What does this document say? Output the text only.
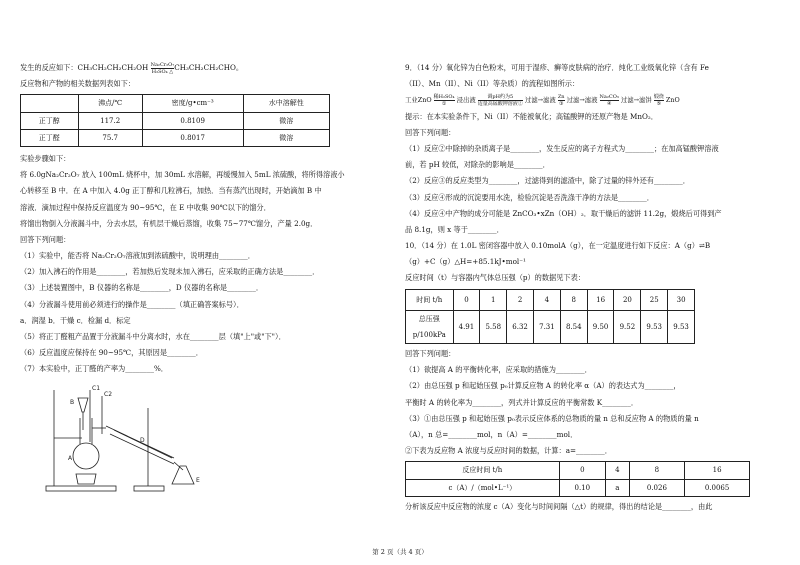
发生的反应如下：$CH_3CH_2CH_2CH_2OH \frac{\text{Na₂Cr₂O₇}}{\text{H₂SO₄ △}}CH_3CH_2CH_2CHO$。
反应物和产物的相关数据列表如下：
	沸点/℃	密度/g•cm⁻³	水中溶解性
正丁醇	117.2	0.8109	微溶
正丁醛	75.7	0.8017	微溶
实验步骤如下：
将 6.0gNa₂Cr₂O₇ 放入 100mL 烧杯中，加 30mL 水溶解，再缓慢加入 5mL 浓硫酸，将所得溶液小
心转移至 B 中．在 A 中加入 4.0g 正丁醇和几粒沸石，加热．当有蒸汽出现时，开始滴加 B 中
溶液．滴加过程中保持反应温度为 90~95℃，在 E 中收集 90℃以下的馏分．
将馏出物倒入分液漏斗中，分去水层，有机层干燥后蒸馏，收集 75~77℃馏分，产量 2.0g．
回答下列问题：
（1）实验中，能否将 Na₂Cr₂O₇溶液加到浓硫酸中，说明理由________．
（2）加入沸石的作用是________，若加热后发现未加入沸石，应采取的正确方法是________．
（3）上述装置图中，B 仪器的名称是________，D 仪器的名称是________．
（4）分液漏斗使用前必须进行的操作是________（填正确答案标号）．
a．润湿 b．干燥 c．检漏 d．标定
（5）将正丁醛粗产品置于分液漏斗中分离水时，水在________层（填"上"或"下"）．
（6）反应温度应保持在 90~95℃，其原因是________．
（7）本实验中，正丁醛的产率为________%．
C1
C2
B
D
A
E
9．（14 分）氧化锌为白色粉末，可用于湿疹、癣等皮肤病的治疗．纯化工业级氧化锌（含有 Fe
（II）、Mn（II）、Ni（II）等杂质）的流程如图所示：
工业ZnO 稀H₂SO₄
① 浸出液	调pH约为5
适量高锰酸钾溶液② 过滤→滤液 Zn
③ 过滤→滤液 Na₂CO₃
④ 过滤→滤饼 煅烧
⑤ ZnO
提示：在本实验条件下，Ni（II）不能被氧化；高锰酸钾的还原产物是 MnO₂．
回答下列问题：
（1）反应②中除掉的杂质离子是________，发生反应的离子方程式为________；在加高锰酸钾溶液
前，若 pH 较低，对除杂的影响是________．
（2）反应③的反应类型为________，过滤得到的滤渣中，除了过量的锌外还有________．
（3）反应④形成的沉淀要用水洗，检验沉淀是否洗涤干净的方法是________．
（4）反应④中产物的成分可能是 ZnCO₃•xZn（OH）₂．取干燥后的滤饼 11.2g，煅烧后可得到产
品 8.1g，则 x 等于________．
10．（14 分）在 1.0L 密闭容器中放入 0.10molA（g），在一定温度进行如下反应：A（g）⇌B
（g）+C（g）△H=+85.1kJ•mol⁻¹
反应时间（t）与容器内气体总压强（p）的数据见下表：
时间 t/h	0	1	2	4	8	16	20	25	30

总压强
p/100kPa	4.91	5.58	6.32	7.31	8.54	9.50	9.52	9.53	9.53
回答下列问题：
（1）欲提高 A 的平衡转化率，应采取的措施为________．
（2）由总压强 p 和起始压强 p₀计算反应物 A 的转化率 α（A）的表达式为________，
平衡时 A 的转化率为________，列式并计算反应的平衡常数 K________．
（3）①由总压强 p 和起始压强 p₀表示反应体系的总物质的量 n 总和反应物 A 的物质的量 n
（A），n 总=________mol，n（A）=________mol．
②下表为反应物 A 浓度与反应时间的数据，计算：a=________．
反应时间 t/h	0	4	8	16
c（A）/（mol•L⁻¹）	0.10	a	0.026	0.0065
分析该反应中反应物的浓度 c（A）变化与时间间隔（△t）的规律，得出的结论是________，由此
第 2 页（共 4 页）
